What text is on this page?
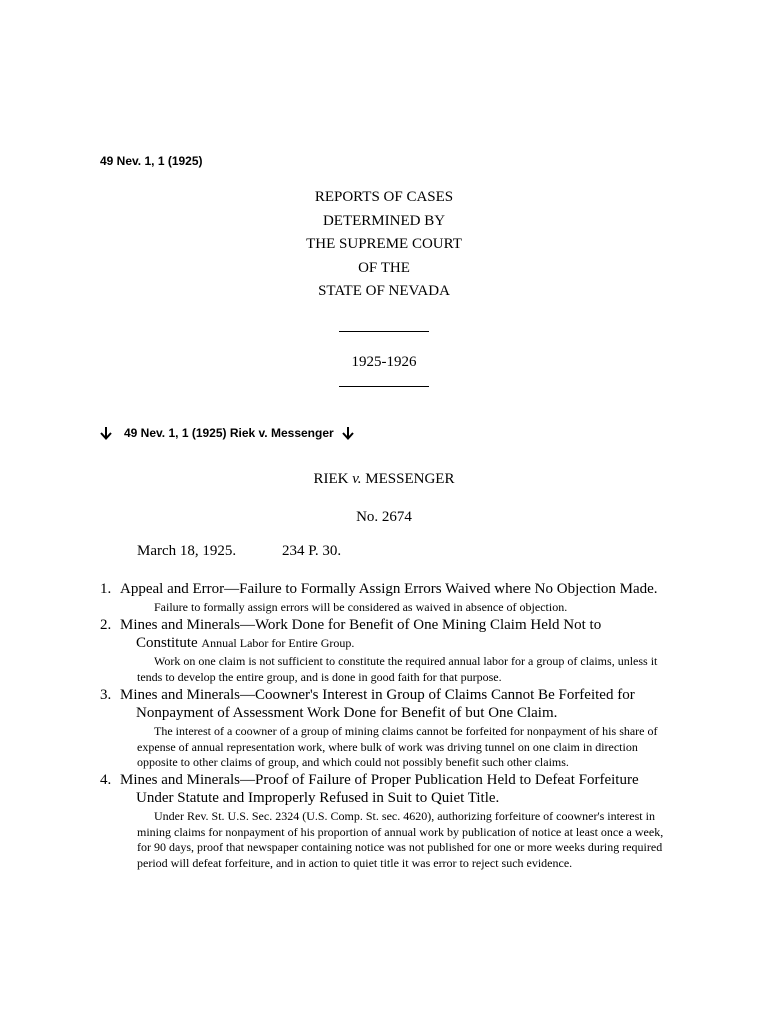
49 Nev. 1, 1 (1925)
REPORTS OF CASES
DETERMINED BY
THE SUPREME COURT
OF THE
STATE OF NEVADA
1925-1926
49 Nev. 1, 1 (1925) Riek v. Messenger
RIEK v. MESSENGER
No. 2674
March 18, 1925.	234 P. 30.
1. Appeal and Error—Failure to Formally Assign Errors Waived where No Objection Made.
Failure to formally assign errors will be considered as waived in absence of objection.
2. Mines and Minerals—Work Done for Benefit of One Mining Claim Held Not to
Constitute Annual Labor for Entire Group.
Work on one claim is not sufficient to constitute the required annual labor for a group of claims, unless it tends to develop the entire group, and is done in good faith for that purpose.
3. Mines and Minerals—Coowner's Interest in Group of Claims Cannot Be Forfeited for
Nonpayment of Assessment Work Done for Benefit of but One Claim.
The interest of a coowner of a group of mining claims cannot be forfeited for nonpayment of his share of expense of annual representation work, where bulk of work was driving tunnel on one claim in direction opposite to other claims of group, and which could not possibly benefit such other claims.
4. Mines and Minerals—Proof of Failure of Proper Publication Held to Defeat Forfeiture
Under Statute and Improperly Refused in Suit to Quiet Title.
Under Rev. St. U.S. Sec. 2324 (U.S. Comp. St. sec. 4620), authorizing forfeiture of coowner's interest in mining claims for nonpayment of his proportion of annual work by publication of notice at least once a week, for 90 days, proof that newspaper containing notice was not published for one or more weeks during required period will defeat forfeiture, and in action to quiet title it was error to reject such evidence.
